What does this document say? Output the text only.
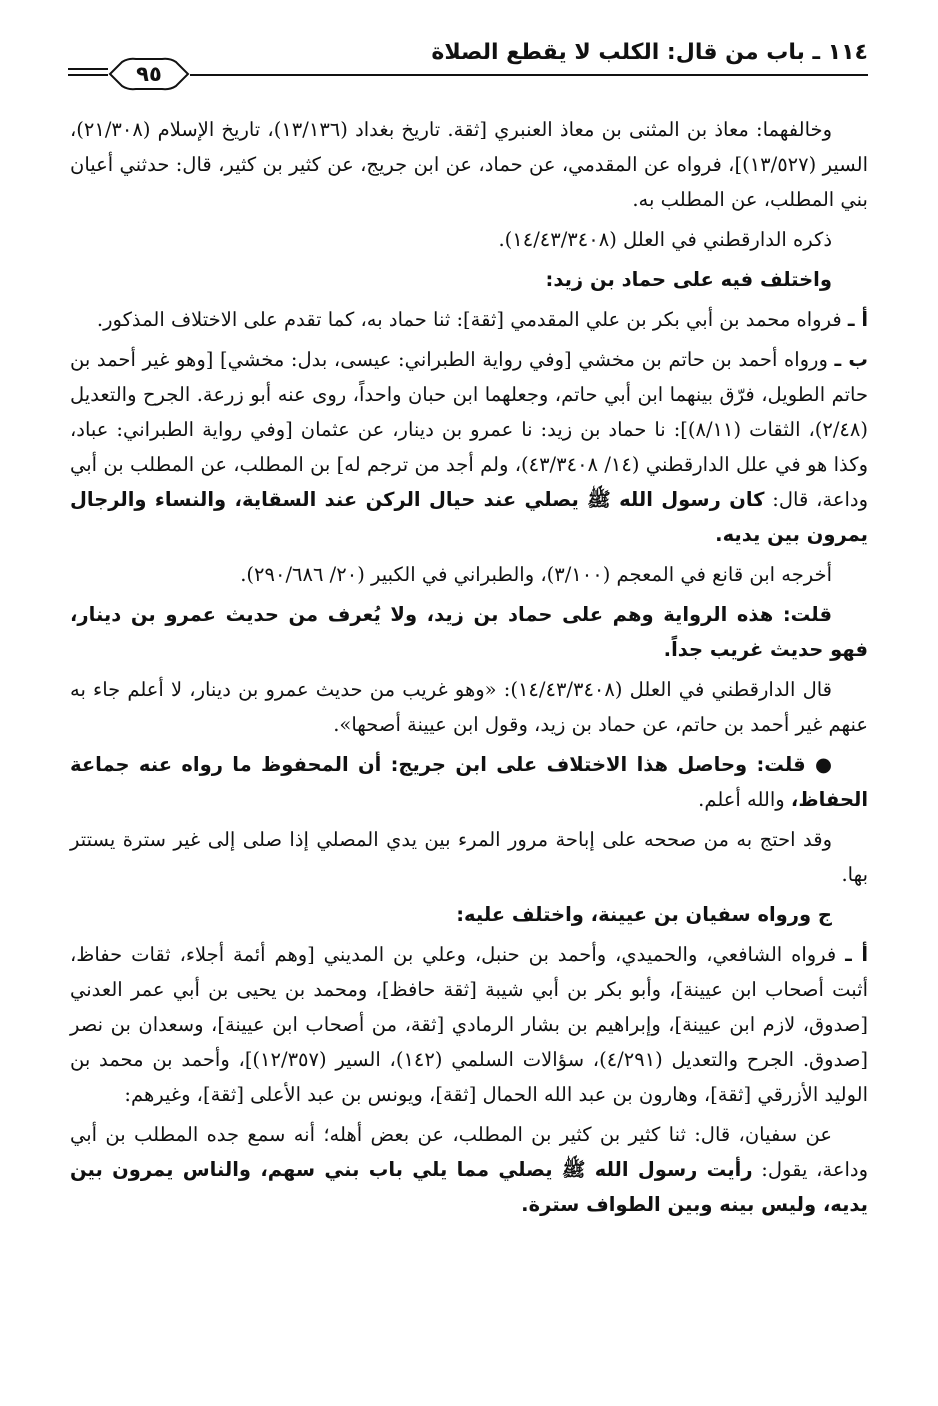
١١٤ ـ باب من قال: الكلب لا يقطع الصلاة
٩٥

وخالفهما: معاذ بن المثنى بن معاذ العنبري [ثقة. تاريخ بغداد (١٣/١٣٦)، تاريخ الإسلام (٢١/٣٠٨)، السير (١٣/٥٢٧)]، فرواه عن المقدمي، عن حماد، عن ابن جريج، عن كثير بن كثير، قال: حدثني أعيان بني المطلب، عن المطلب به.

ذكره الدارقطني في العلل (١٤/٤٣/٣٤٠٨).

واختلف فيه على حماد بن زيد:

أ ـ فرواه محمد بن أبي بكر بن علي المقدمي [ثقة]: ثنا حماد به، كما تقدم على الاختلاف المذكور.

ب ـ ورواه أحمد بن حاتم بن مخشي [وفي رواية الطبراني: عيسى، بدل: مخشي] [وهو غير أحمد بن حاتم الطويل، فرّق بينهما ابن أبي حاتم، وجعلهما ابن حبان واحداً، روى عنه أبو زرعة. الجرح والتعديل (٢/٤٨)، الثقات (٨/١١)]: نا حماد بن زيد: نا عمرو بن دينار، عن عثمان [وفي رواية الطبراني: عباد، وكذا هو في علل الدارقطني (١٤/ ٤٣/٣٤٠٨)، ولم أجد من ترجم له] بن المطلب، عن المطلب بن أبي وداعة، قال: كان رسول الله ﷺ يصلي عند حيال الركن عند السقاية، والنساء والرجال يمرون بين يديه.

أخرجه ابن قانع في المعجم (٣/١٠٠)، والطبراني في الكبير (٢٠/ ٢٩٠/٦٨٦).

قلت: هذه الرواية وهم على حماد بن زيد، ولا يُعرف من حديث عمرو بن دينار، فهو حديث غريب جداً.

قال الدارقطني في العلل (١٤/٤٣/٣٤٠٨): «وهو غريب من حديث عمرو بن دينار، لا أعلم جاء به عنهم غير أحمد بن حاتم، عن حماد بن زيد، وقول ابن عيينة أصحها».

● قلت: وحاصل هذا الاختلاف على ابن جريج: أن المحفوظ ما رواه عنه جماعة الحفاظ، والله أعلم.

وقد احتج به من صححه على إباحة مرور المرء بين يدي المصلي إذا صلى إلى غير سترة يستتر بها.

ج ورواه سفيان بن عيينة، واختلف عليه:

أ ـ فرواه الشافعي، والحميدي، وأحمد بن حنبل، وعلي بن المديني [وهم أئمة أجلاء، ثقات حفاظ، أثبت أصحاب ابن عيينة]، وأبو بكر بن أبي شيبة [ثقة حافظ]، ومحمد بن يحيى بن أبي عمر العدني [صدوق، لازم ابن عيينة]، وإبراهيم بن بشار الرمادي [ثقة، من أصحاب ابن عيينة]، وسعدان بن نصر [صدوق. الجرح والتعديل (٤/٢٩١)، سؤالات السلمي (١٤٢)، السير (١٢/٣٥٧)]، وأحمد بن محمد بن الوليد الأزرقي [ثقة]، وهارون بن عبد الله الحمال [ثقة]، ويونس بن عبد الأعلى [ثقة]، وغيرهم:

عن سفيان، قال: ثنا كثير بن كثير بن المطلب، عن بعض أهله؛ أنه سمع جده المطلب بن أبي وداعة، يقول: رأيت رسول الله ﷺ يصلي مما يلي باب بني سهم، والناس يمرون بين يديه، وليس بينه وبين الطواف سترة.
